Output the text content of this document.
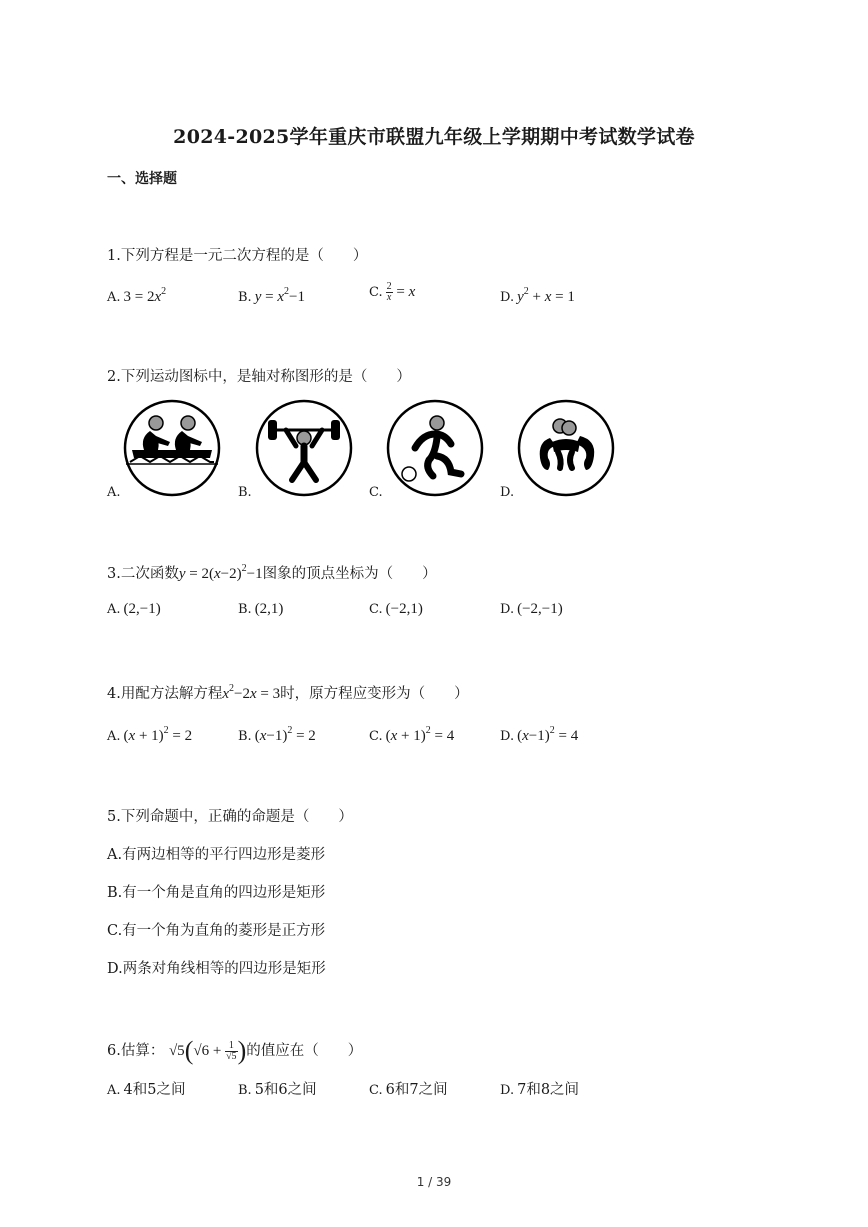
2024-2025学年重庆市联盟九年级上学期期中考试数学试卷
一、选择题
1.下列方程是一元二次方程的是（　　）
A. $3 = 2x^2$	B. $y = x^2-1$	C. $\frac{2}{x} = x$	D. $y^2 + x = 1$
2.下列运动图标中，是轴对称图形的是（　　）
A.	B.	C.	D.
3.二次函数$y = 2(x-2)^2-1$图象的顶点坐标为（　　）
A. (2,−1)	B. (2,1)	C. (−2,1)	D. (−2,−1)
4.用配方法解方程$x^2-2x = 3$时，原方程应变形为（　　）
A. $(x + 1)^2 = 2$	B. $(x-1)^2 = 2$	C. $(x + 1)^2 = 4$	D. $(x-1)^2 = 4$
5.下列命题中，正确的命题是（　　）
A.有两边相等的平行四边形是菱形
B.有一个角是直角的四边形是矩形
C.有一个角为直角的菱形是正方形
D.两条对角线相等的四边形是矩形
6.估算： $√5(√6 + \frac{1}{√5}$ )的值应在（　　）
A. 4和5之间	B. 5和6之间	C. 6和7之间	D. 7和8之间
1 / 39
